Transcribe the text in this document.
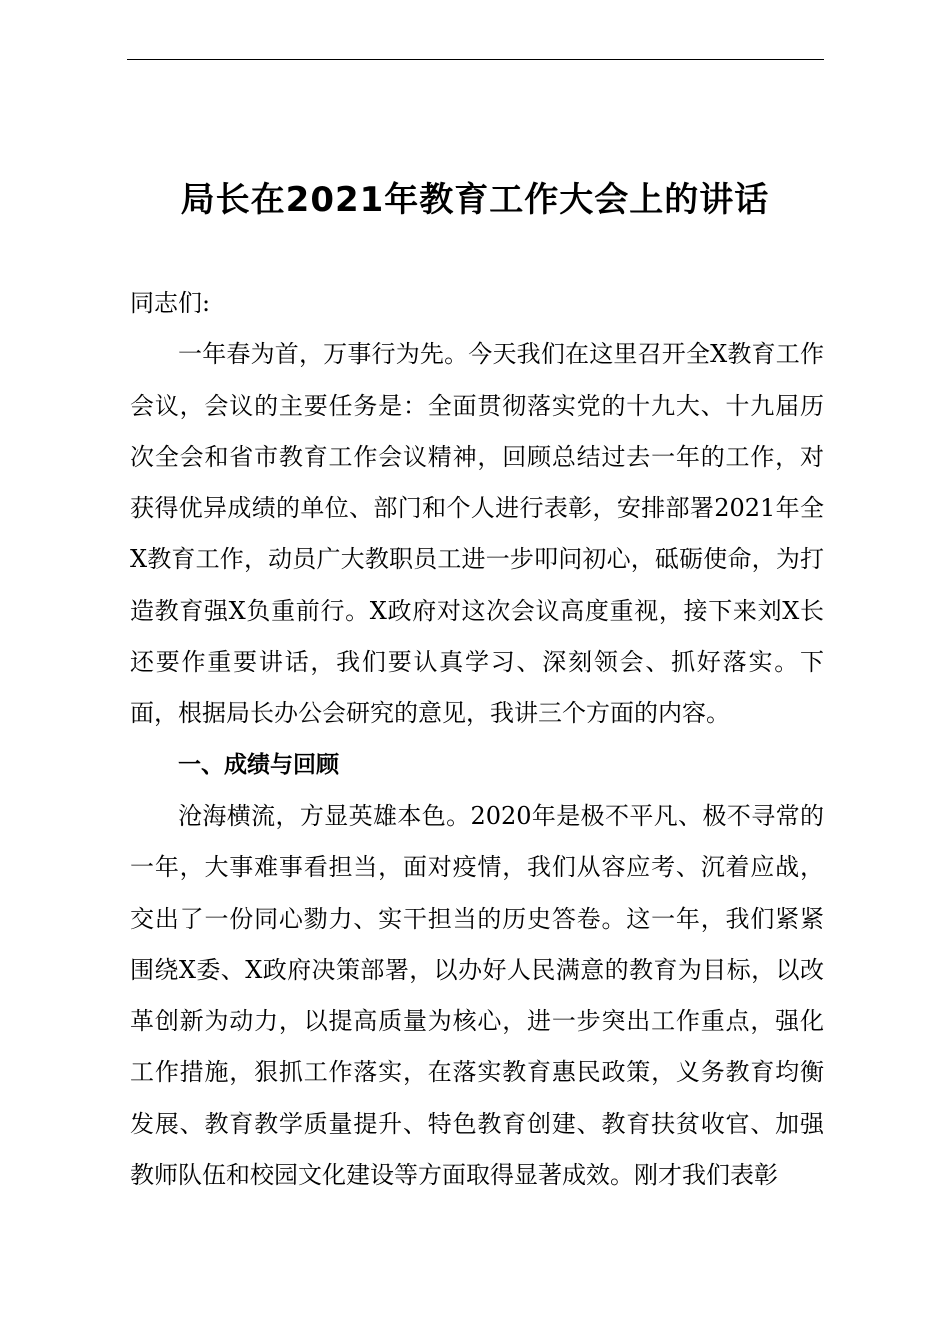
局长在2021年教育工作大会上的讲话

同志们:

一年春为首，万事行为先。今天我们在这里召开全X教育工作会议，会议的主要任务是：全面贯彻落实党的十九大、十九届历次全会和省市教育工作会议精神，回顾总结过去一年的工作，对获得优异成绩的单位、部门和个人进行表彰，安排部署2021年全X教育工作，动员广大教职员工进一步叩问初心，砥砺使命，为打造教育强X负重前行。X政府对这次会议高度重视，接下来刘X长还要作重要讲话，我们要认真学习、深刻领会、抓好落实。下面，根据局长办公会研究的意见，我讲三个方面的内容。

一、成绩与回顾

沧海横流，方显英雄本色。2020年是极不平凡、极不寻常的一年，大事难事看担当，面对疫情，我们从容应考、沉着应战，交出了一份同心勠力、实干担当的历史答卷。这一年，我们紧紧围绕X委、X政府决策部署，以办好人民满意的教育为目标，以改革创新为动力，以提高质量为核心，进一步突出工作重点，强化工作措施，狠抓工作落实，在落实教育惠民政策，义务教育均衡发展、教育教学质量提升、特色教育创建、教育扶贫收官、加强教师队伍和校园文化建设等方面取得显著成效。刚才我们表彰
